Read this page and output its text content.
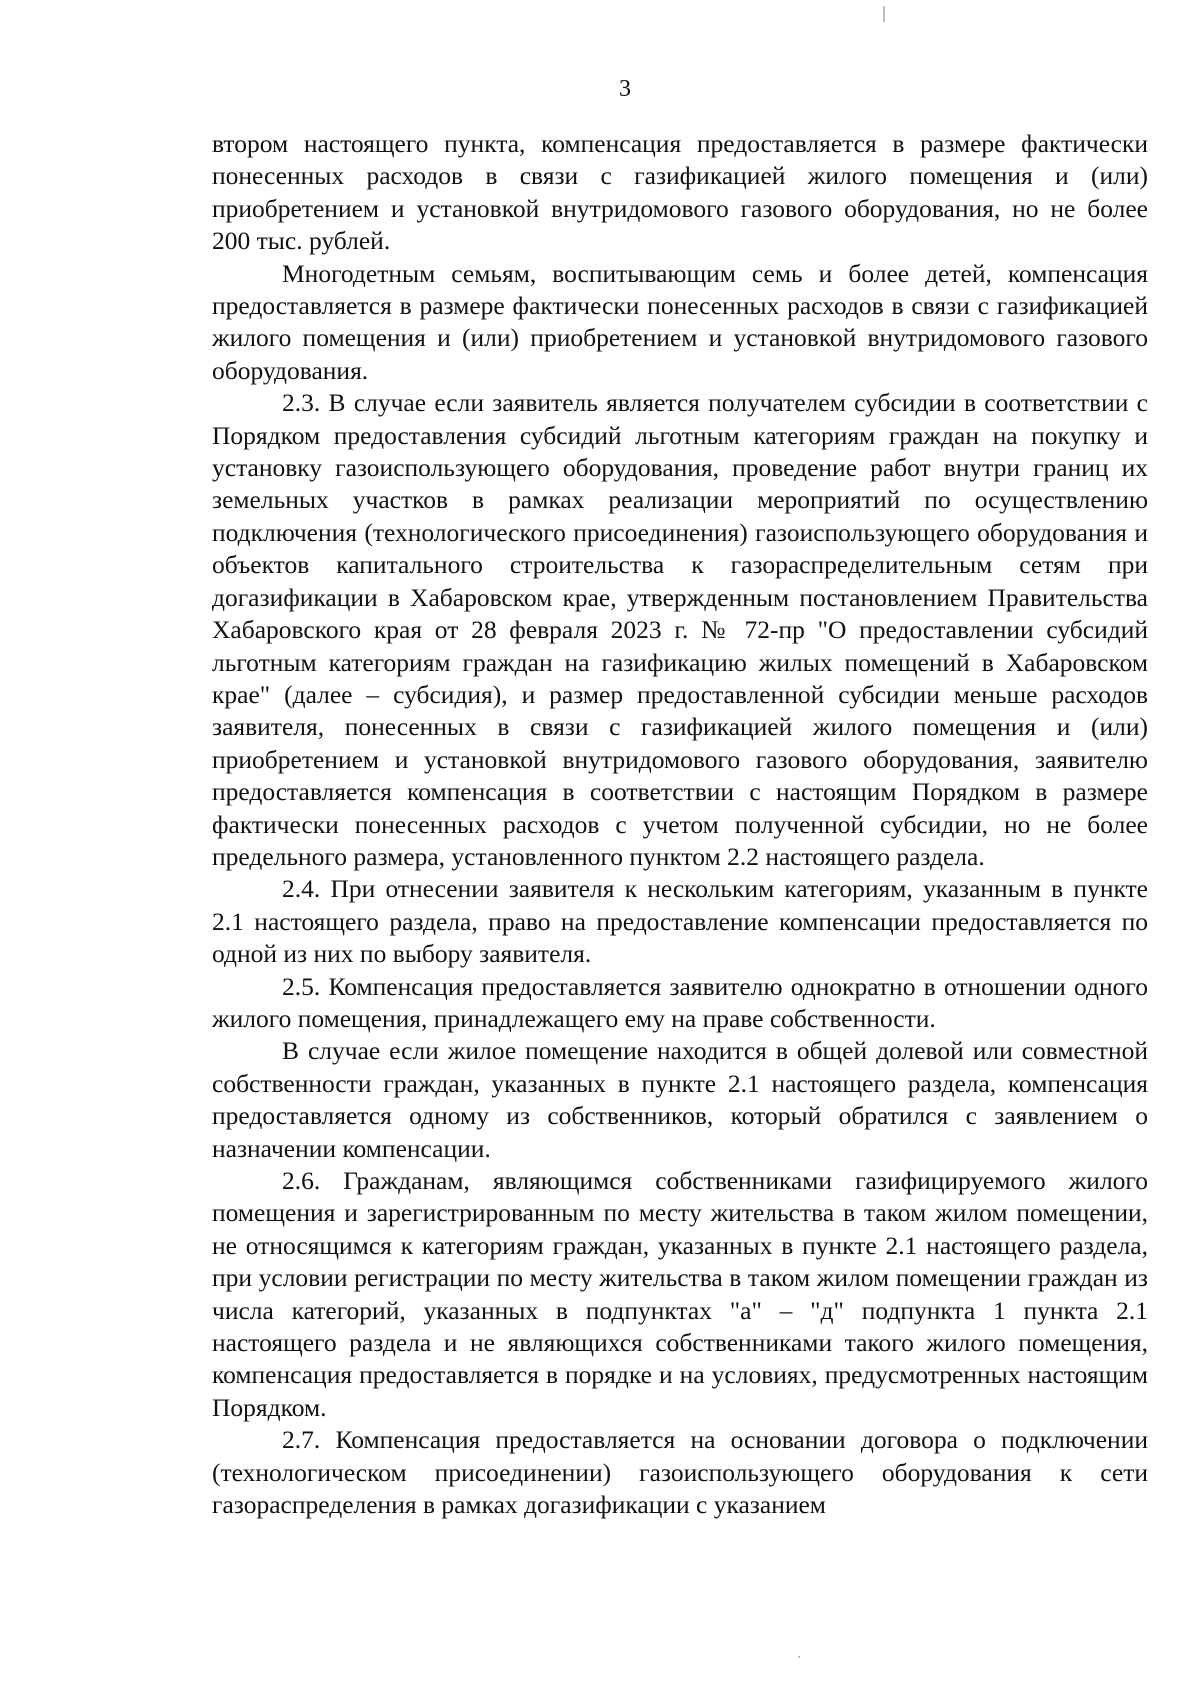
3

втором настоящего пункта, компенсация предоставляется в размере фактически понесенных расходов в связи с газификацией жилого помещения и (или) приобретением и установкой внутридомового газового оборудования, но не более 200 тыс. рублей.

Многодетным семьям, воспитывающим семь и более детей, компенсация предоставляется в размере фактически понесенных расходов в связи с газификацией жилого помещения и (или) приобретением и установкой внутридомового газового оборудования.

2.3. В случае если заявитель является получателем субсидии в соответствии с Порядком предоставления субсидий льготным категориям граждан на покупку и установку газоиспользующего оборудования, проведение работ внутри границ их земельных участков в рамках реализации мероприятий по осуществлению подключения (технологического присоединения) газоиспользующего оборудования и объектов капитального строительства к газораспределительным сетям при догазификации в Хабаровском крае, утвержденным постановлением Правительства Хабаровского края от 28 февраля 2023 г. № 72-пр "О предоставлении субсидий льготным категориям граждан на газификацию жилых помещений в Хабаровском крае" (далее – субсидия), и размер предоставленной субсидии меньше расходов заявителя, понесенных в связи с газификацией жилого помещения и (или) приобретением и установкой внутридомового газового оборудования, заявителю предоставляется компенсация в соответствии с настоящим Порядком в размере фактически понесенных расходов с учетом полученной субсидии, но не более предельного размера, установленного пунктом 2.2 настоящего раздела.

2.4. При отнесении заявителя к нескольким категориям, указанным в пункте 2.1 настоящего раздела, право на предоставление компенсации предоставляется по одной из них по выбору заявителя.

2.5. Компенсация предоставляется заявителю однократно в отношении одного жилого помещения, принадлежащего ему на праве собственности.

В случае если жилое помещение находится в общей долевой или совместной собственности граждан, указанных в пункте 2.1 настоящего раздела, компенсация предоставляется одному из собственников, который обратился с заявлением о назначении компенсации.

2.6. Гражданам, являющимся собственниками газифицируемого жилого помещения и зарегистрированным по месту жительства в таком жилом помещении, не относящимся к категориям граждан, указанных в пункте 2.1 настоящего раздела, при условии регистрации по месту жительства в таком жилом помещении граждан из числа категорий, указанных в подпунктах "а" – "д" подпункта 1 пункта 2.1 настоящего раздела и не являющихся собственниками такого жилого помещения, компенсация предоставляется в порядке и на условиях, предусмотренных настоящим Порядком.

2.7. Компенсация предоставляется на основании договора о подключении (технологическом присоединении) газоиспользующего оборудования к сети газораспределения в рамках догазификации с указанием
